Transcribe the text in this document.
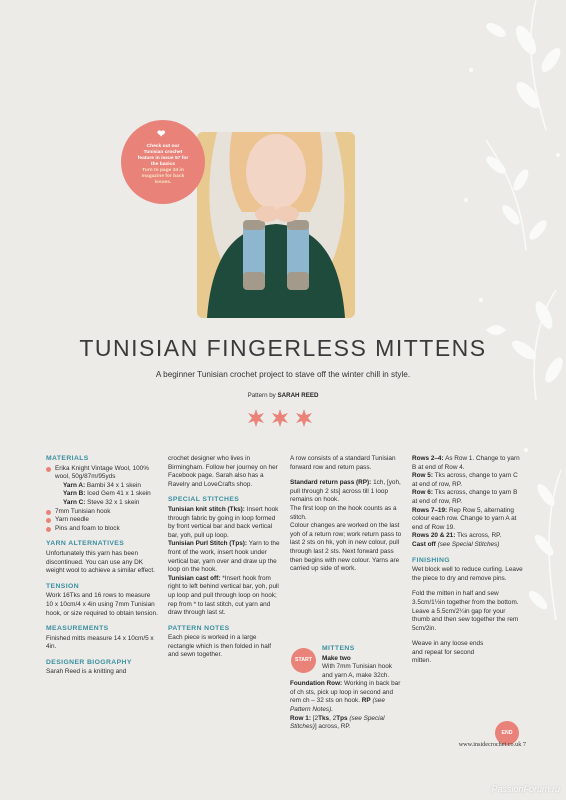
❤
Check out our Tunisian crochet feature in issue 57 for the basics
Turn to page 34 in magazine for back issues.
TUNISIAN FINGERLESS MITTENS
A beginner Tunisian crochet project to stave off the winter chill in style.
Pattern by SARAH REED
MATERIALS
Erika Knight Vintage Wool, 100% wool, 50g/87m/95yds

Yarn A: Bambi 34 x 1 skein

Yarn B: Iced Gem 41 x 1 skein

Yarn C: Steve 32 x 1 skein

7mm Tunisian hook
Yarn needle
Pins and foam to block
YARN ALTERNATIVES

Unfortunately this yarn has been discontinued. You can use any DK weight wool to achieve a similar effect.

TENSION

Work 16Tks and 16 rows to measure 10 x 10cm/4 x 4in using 7mm Tunisian hook, or size required to obtain tension.

MEASUREMENTS

Finished mitts measure 14 x 10cm/5 x 4in.

DESIGNER BIOGRAPHY

Sarah Reed is a knitting and

crochet designer who lives in Birmingham. Follow her journey on her Facebook page. Sarah also has a Ravelry and LoveCrafts shop.

SPECIAL STITCHES

Tunisian knit stitch (Tks): Insert hook through fabric by going in loop formed by front vertical bar and back vertical bar, yoh, pull up loop.

Tunisian Purl Stitch (Tps): Yarn to the front of the work, insert hook under vertical bar, yarn over and draw up the loop on the hook.

Tunisian cast off: *Insert hook from right to left behind vertical bar, yoh, pull up loop and pull through loop on hook; rep from * to last stitch, cut yarn and draw through last st.

PATTERN NOTES

Each piece is worked in a large rectangle which is then folded in half and sewn together.

A row consists of a standard Tunisian forward row and return pass.

Standard return pass (RP): 1ch, [yoh, pull through 2 sts] across till 1 loop remains on hook.

The first loop on the hook counts as a stitch.

Colour changes are worked on the last yoh of a return row; work return pass to last 2 sts on hk, yoh in new colour, pull through last 2 sts. Next forward pass then begins with new colour. Yarns are carried up side of work.

START
MITTENS
Make two

With 7mm Tunisian hook and yarn A, make 32ch.

Foundation Row: Working in back bar of ch sts, pick up loop in second and rem ch – 32 sts on hook. RP (see Pattern Notes).

Row 1: [2Tks, 2Tps (see Special Stitches)] across, RP.

Rows 2–4: As Row 1. Change to yarn B at end of Row 4.

Row 5: Tks across, change to yarn C at end of row, RP.

Row 6: Tks across, change to yarn B at end of row, RP.

Rows 7–19: Rep Row 5, alternating colour each row. Change to yarn A at end of Row 19.

Rows 20 & 21: Tks across, RP.

Cast off (see Special Stitches)

FINISHING

Wet block well to reduce curling. Leave the piece to dry and remove pins.

Fold the mitten in half and sew 3.5cm/1½in together from the bottom. Leave a 5.5cm/2¼in gap for your thumb and then sew together the rem 5cm/2in.

Weave in any loose ends and repeat for second mitten.

END
www.insidecrochet.co.uk 7
PassionForum.ru
